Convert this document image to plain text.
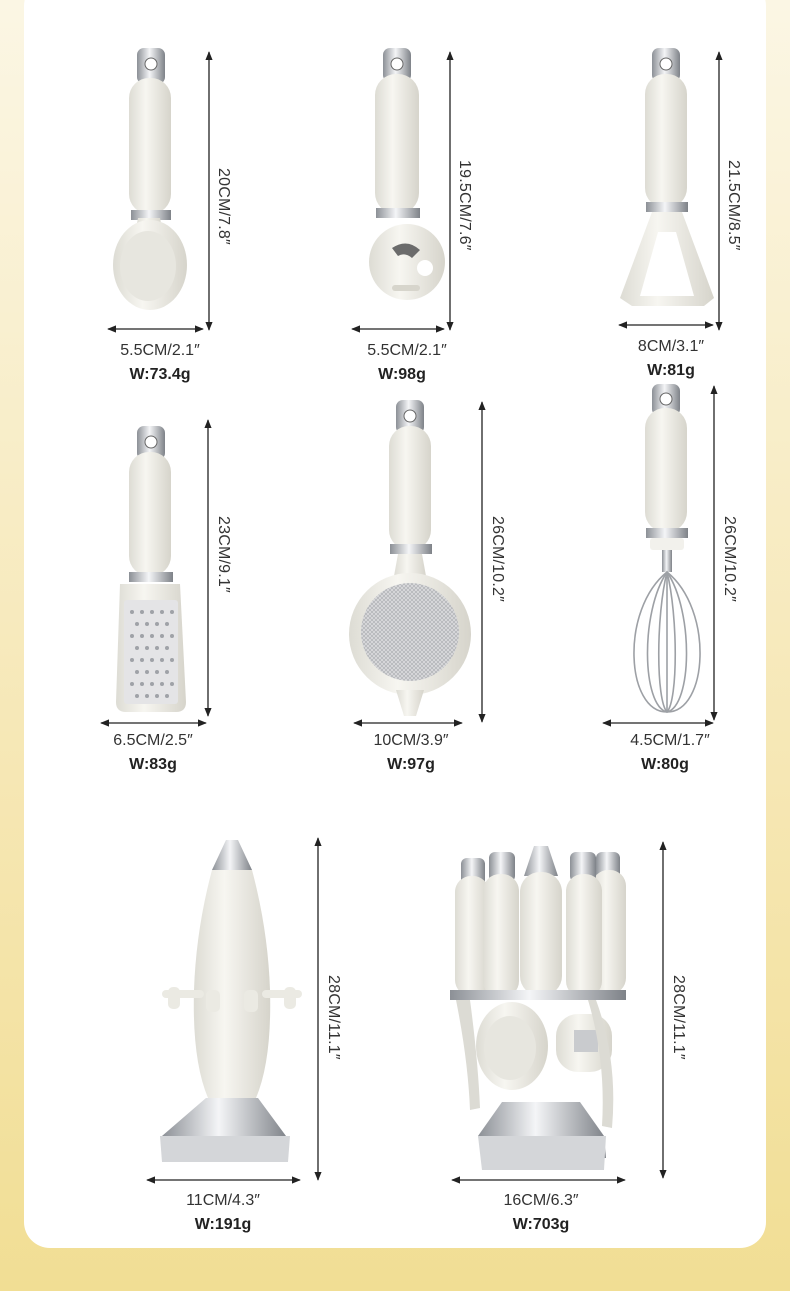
20CM/7.8″
5.5CM/2.1″
W:73.4g
19.5CM/7.6″
5.5CM/2.1″
W:98g
21.5CM/8.5″
8CM/3.1″
W:81g
23CM/9.1″
6.5CM/2.5″
W:83g
26CM/10.2″
10CM/3.9″
W:97g
26CM/10.2″
4.5CM/1.7″
W:80g
28CM/11.1″
11CM/4.3″
W:191g
28CM/11.1″
16CM/6.3″
W:703g
